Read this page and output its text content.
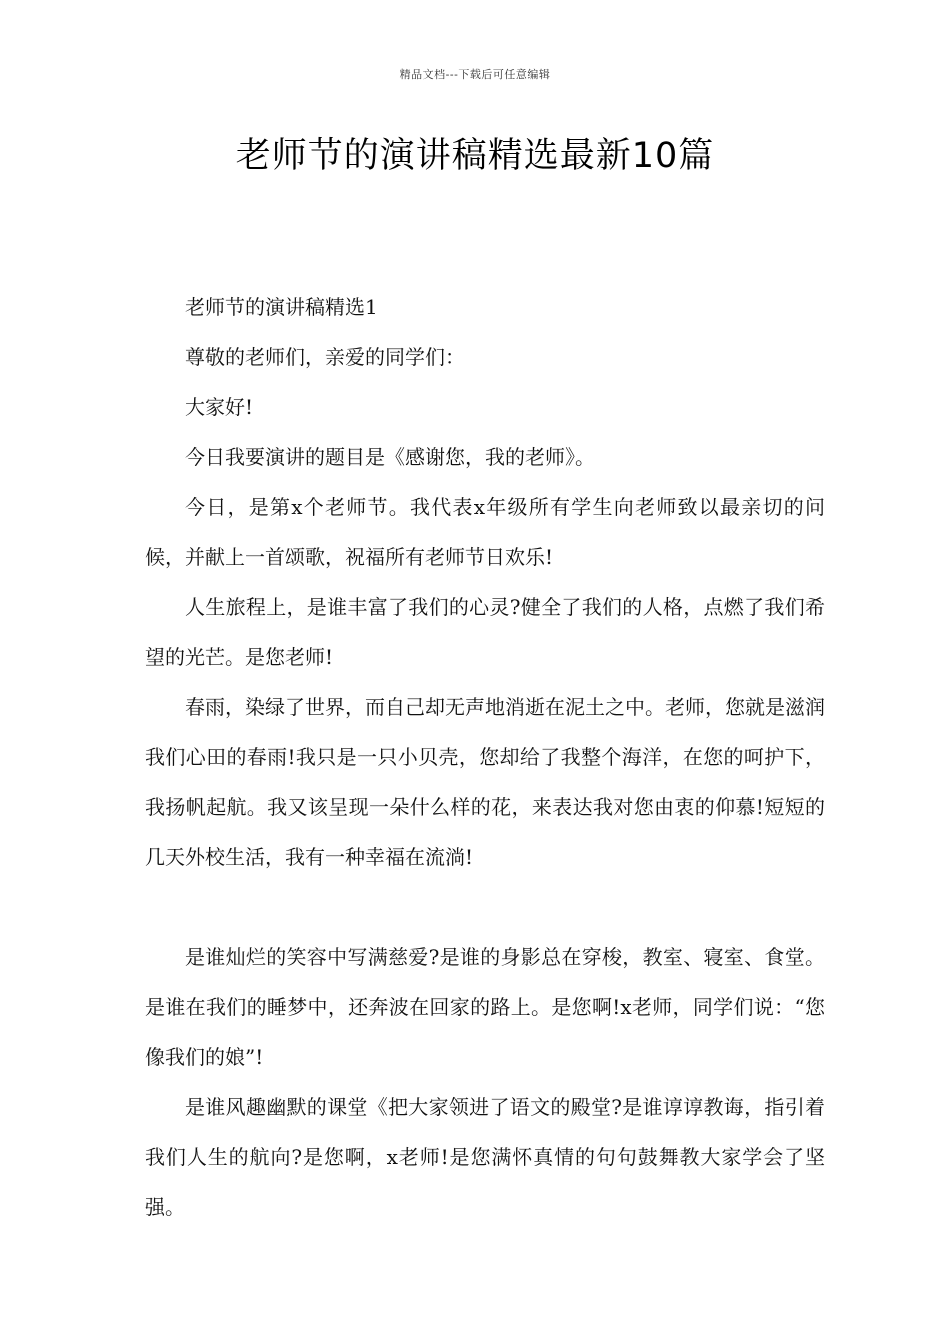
精品文档---下载后可任意编辑
老师节的演讲稿精选最新10篇

老师节的演讲稿精选1

尊敬的老师们，亲爱的同学们：

大家好!

今日我要演讲的题目是《感谢您，我的老师》。

今日，是第x个老师节。我代表x年级所有学生向老师致以最亲切的问候，并献上一首颂歌，祝福所有老师节日欢乐!

人生旅程上，是谁丰富了我们的心灵?健全了我们的人格，点燃了我们希望的光芒。是您老师!

春雨，染绿了世界，而自己却无声地消逝在泥土之中。老师，您就是滋润我们心田的春雨!我只是一只小贝壳，您却给了我整个海洋，在您的呵护下，我扬帆起航。我又该呈现一朵什么样的花，来表达我对您由衷的仰慕!短短的几天外校生活，我有一种幸福在流淌!

是谁灿烂的笑容中写满慈爱?是谁的身影总在穿梭，教室、寝室、食堂。是谁在我们的睡梦中，还奔波在回家的路上。是您啊!x老师，同学们说：“您像我们的娘”!

是谁风趣幽默的课堂《把大家领进了语文的殿堂?是谁谆谆教诲，指引着我们人生的航向?是您啊，x老师!是您满怀真情的句句鼓舞教大家学会了坚强。
